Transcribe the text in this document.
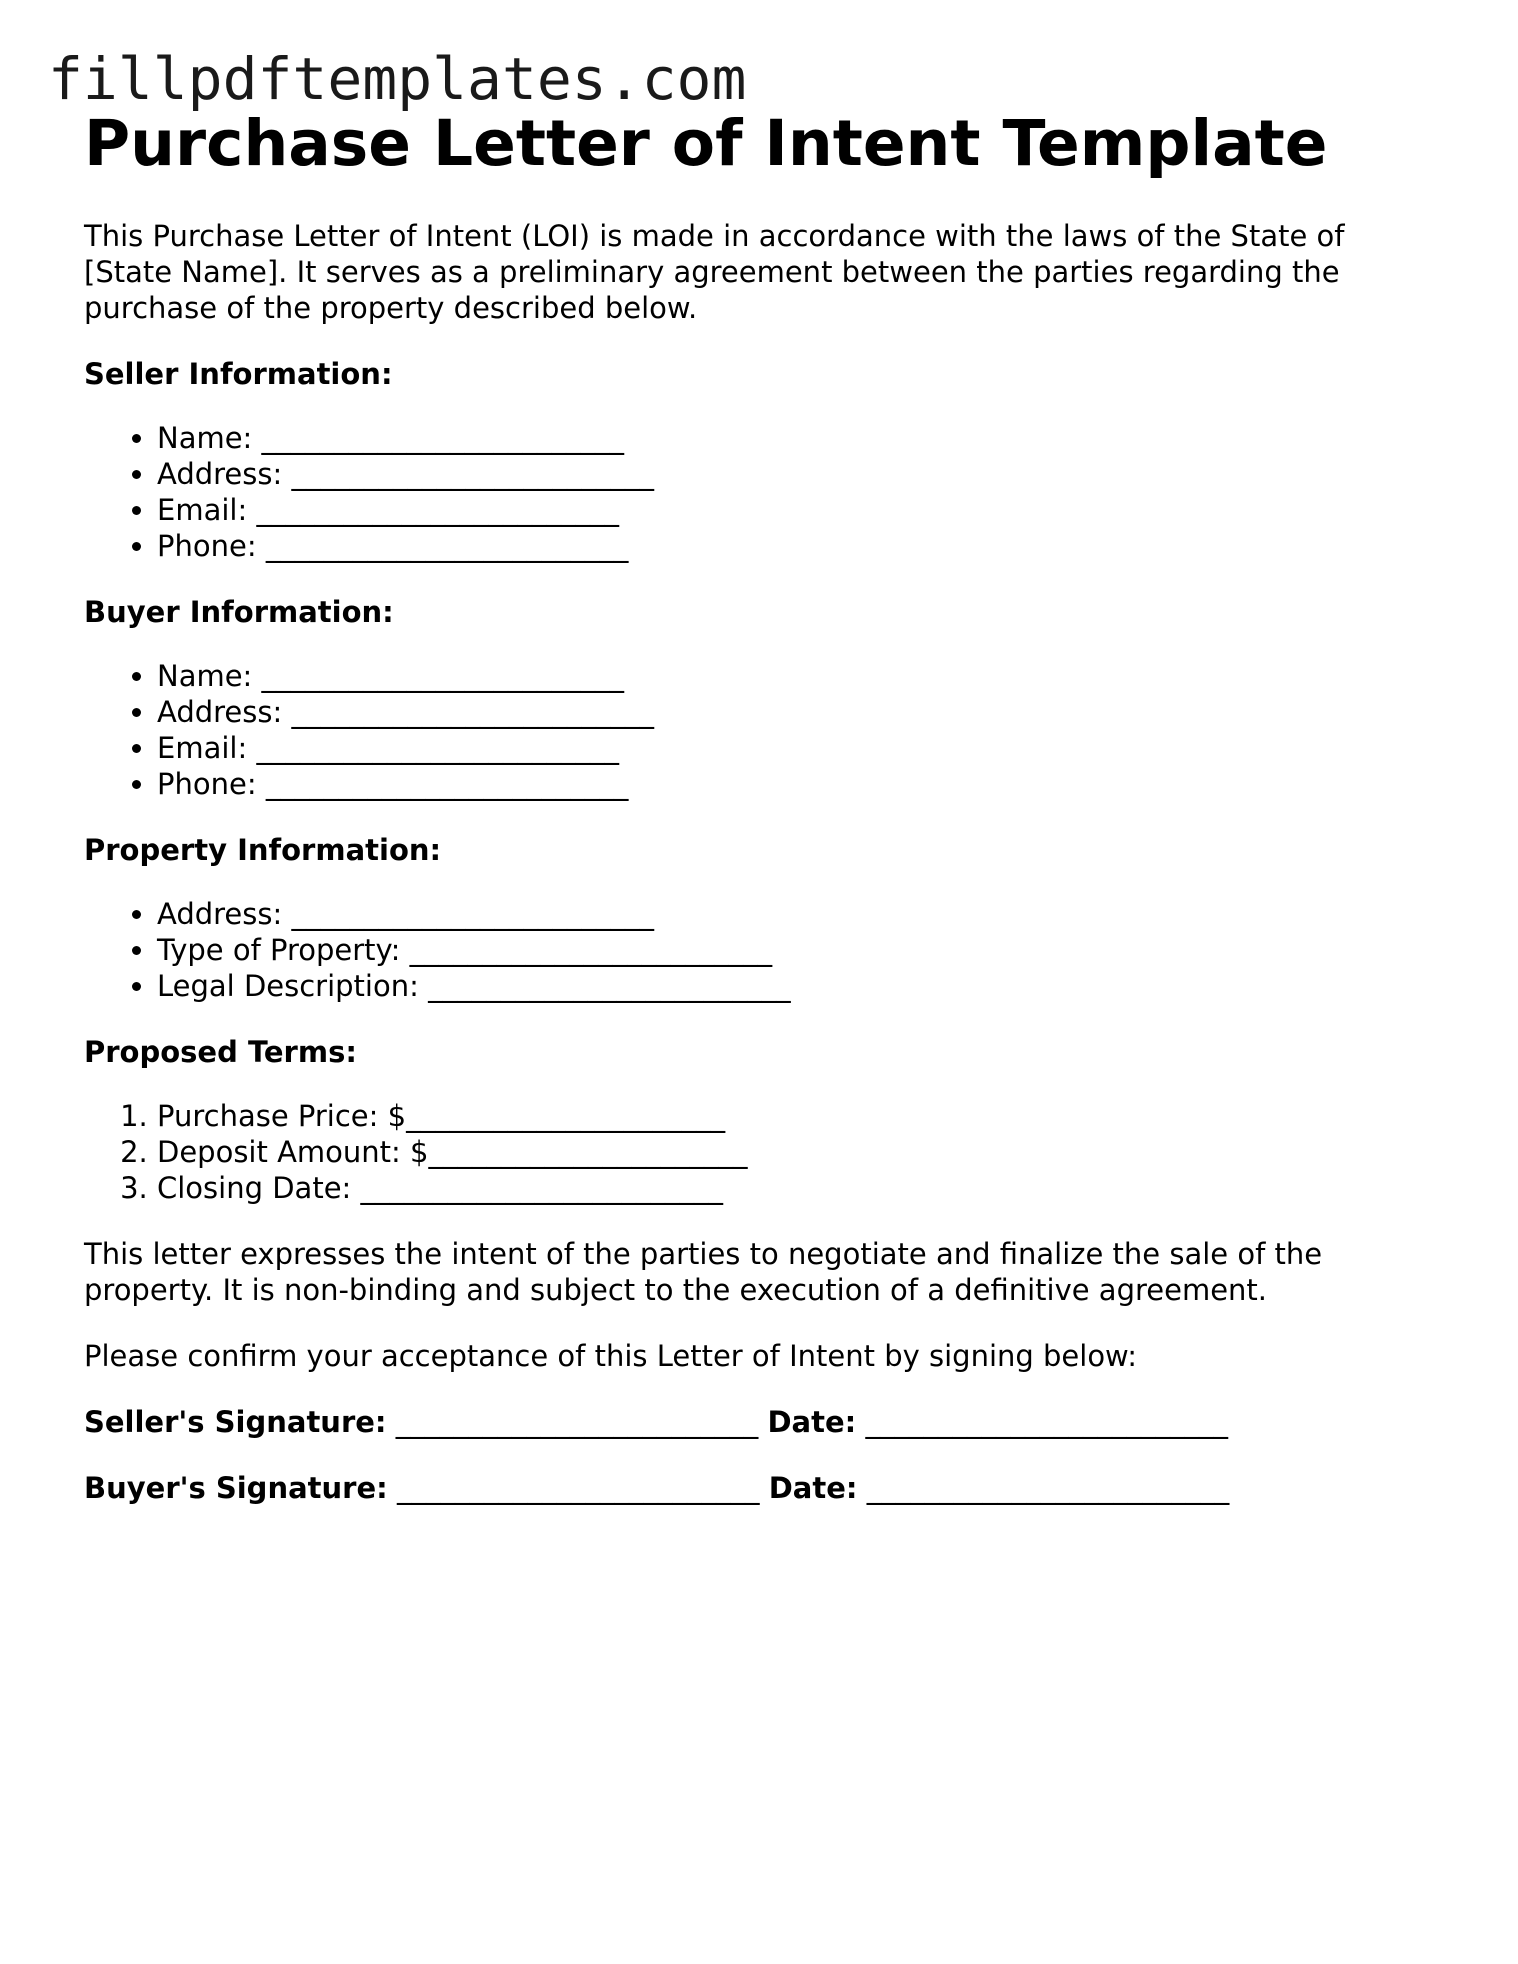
fillpdftemplates.com
Purchase Letter of Intent Template

This Purchase Letter of Intent (LOI) is made in accordance with the laws of the State of [State Name]. It serves as a preliminary agreement between the parties regarding the purchase of the property described below.

Seller Information:
• Name: _________________________
• Address: _________________________
• Email: _________________________
• Phone: _________________________
Buyer Information:
• Name: _________________________
• Address: _________________________
• Email: _________________________
• Phone: _________________________
Property Information:
• Address: _________________________
• Type of Property: _________________________
• Legal Description: _________________________
Proposed Terms:
1. Purchase Price: $______________________
2. Deposit Amount: $______________________
3. Closing Date: _________________________

This letter expresses the intent of the parties to negotiate and finalize the sale of the property. It is non-binding and subject to the execution of a definitive agreement.

Please confirm your acceptance of this Letter of Intent by signing below:

Seller's Signature: _________________________ Date: _________________________
Buyer's Signature: _________________________ Date: _________________________
